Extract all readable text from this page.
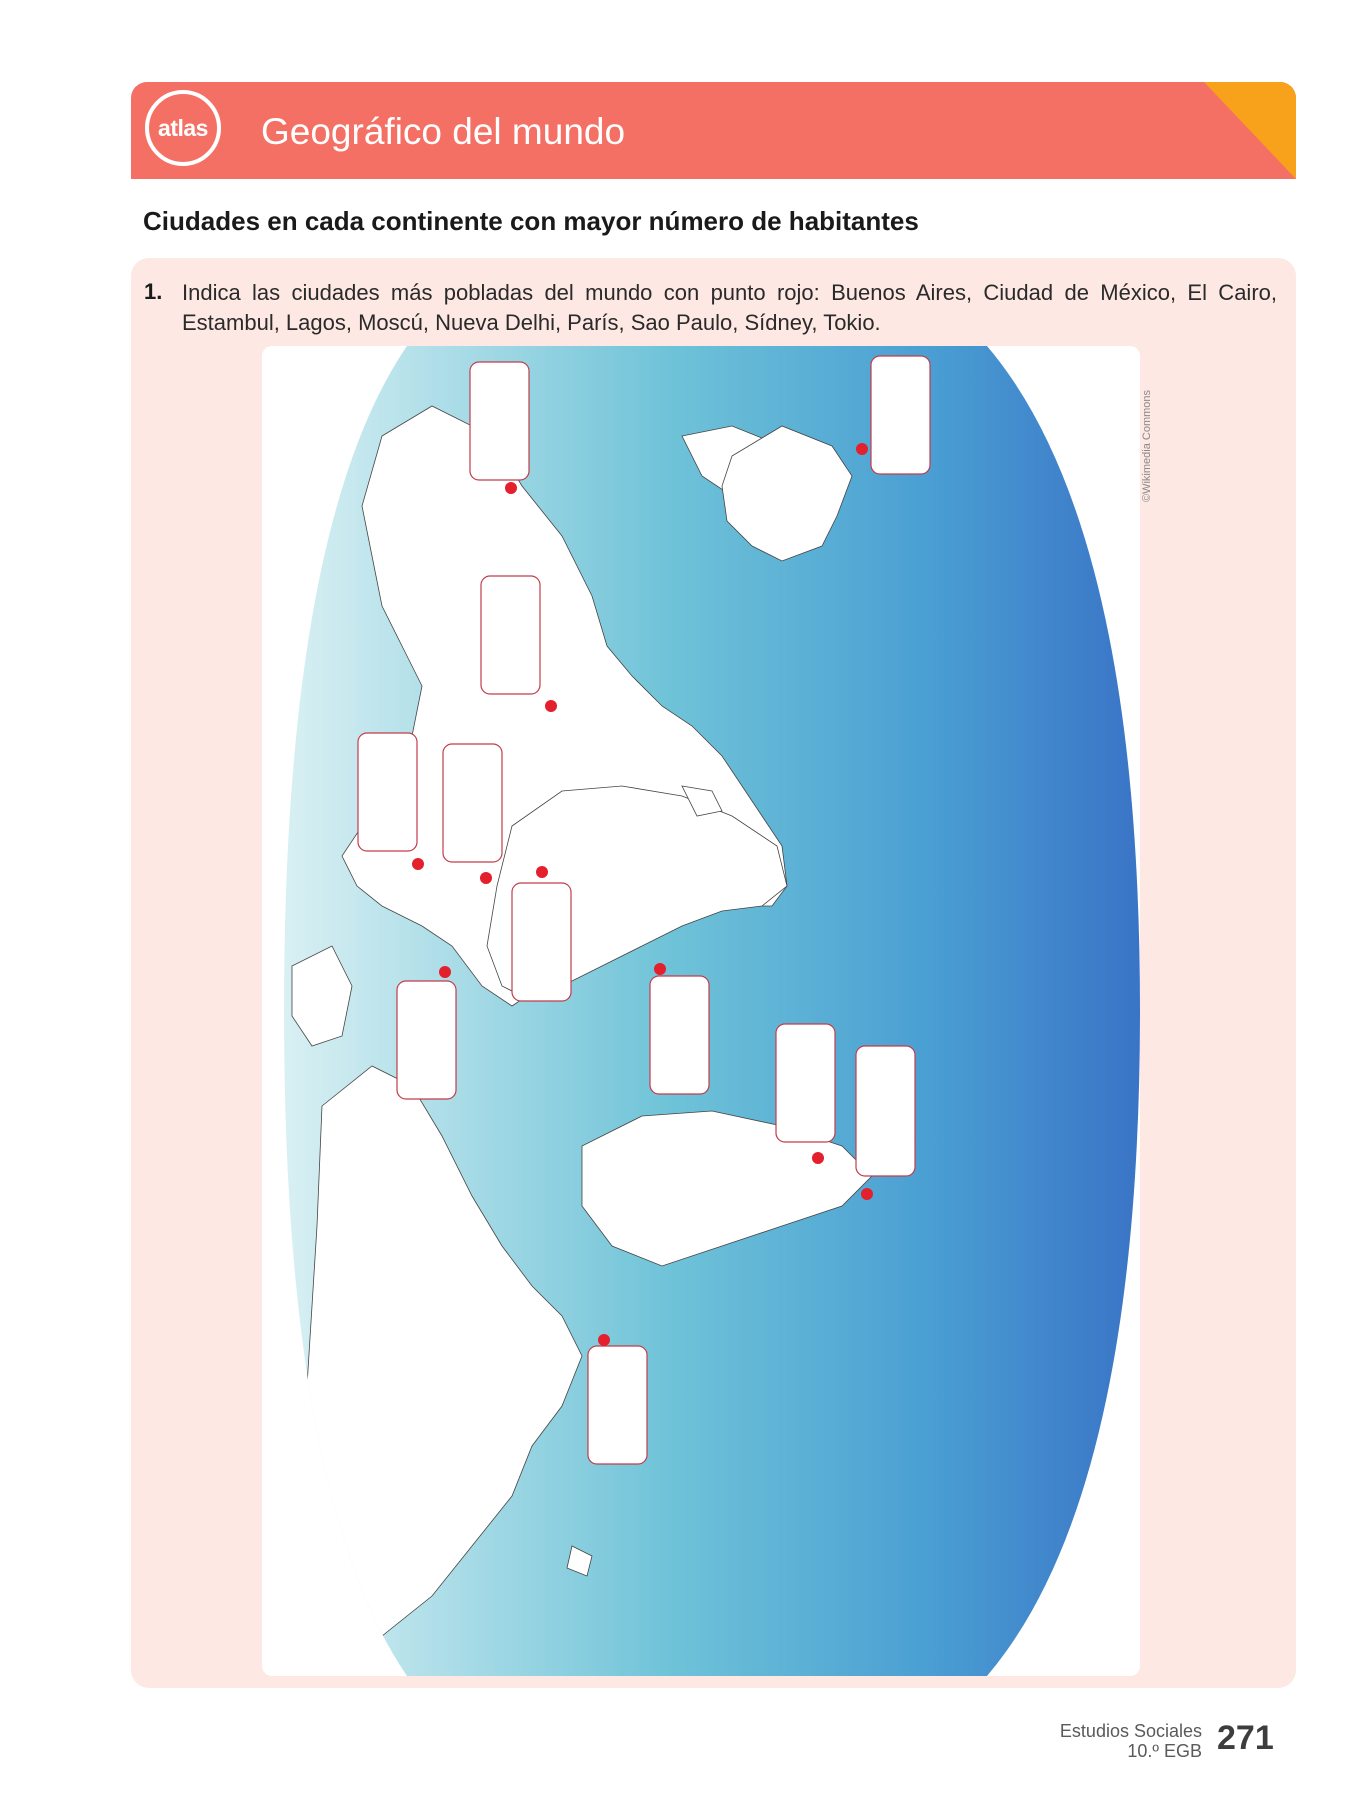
atlas Geográfico del mundo
Ciudades en cada continente con mayor número de habitantes
1. Indica las ciudades más pobladas del mundo con punto rojo: Buenos Aires, Ciudad de México, El Cairo, Estambul, Lagos, Moscú, Nueva Delhi, París, Sao Paulo, Sídney, Tokio.
©Wikimedia Commons
Estudios Sociales
10.º EGB 271
